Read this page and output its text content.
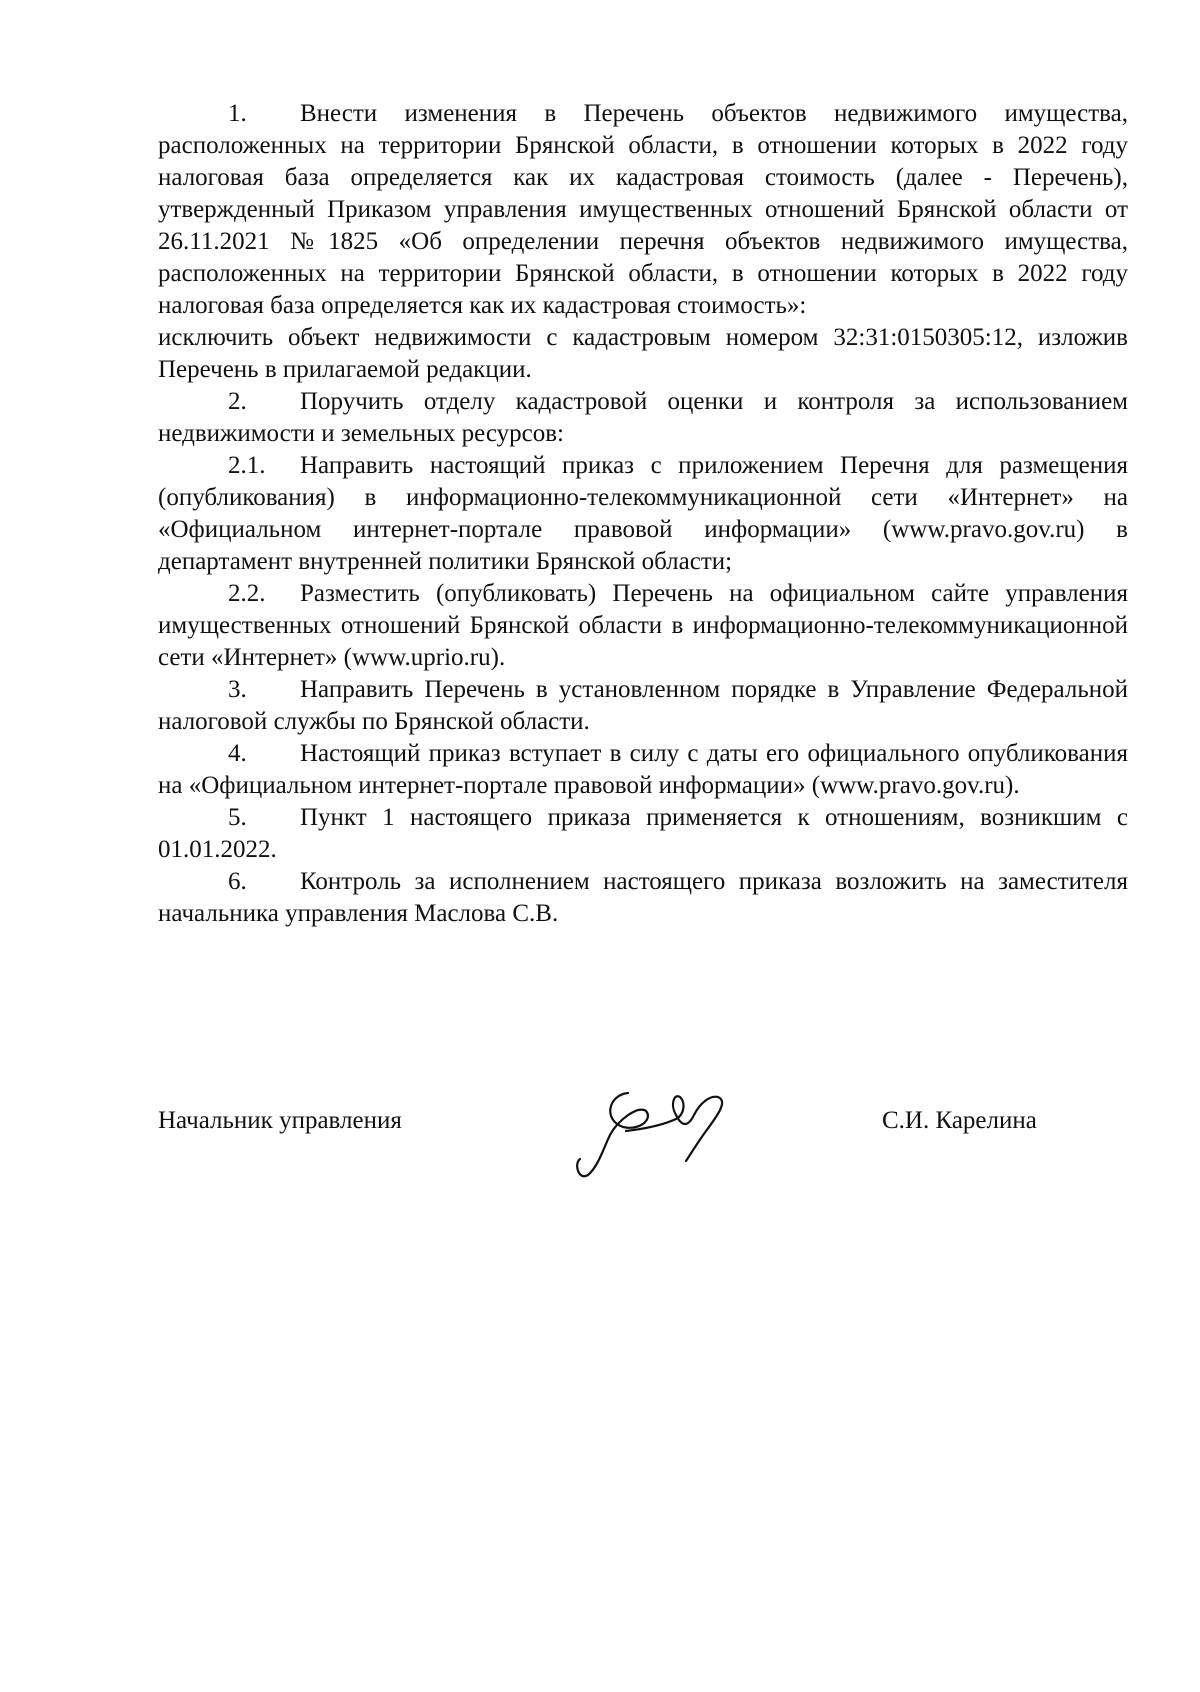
1. Внести изменения в Перечень объектов недвижимого имущества, расположенных на территории Брянской области, в отношении которых в 2022 году налоговая база определяется как их кадастровая стоимость (далее - Перечень), утвержденный Приказом управления имущественных отношений Брянской области от 26.11.2021 №1825 «Об определении перечня объектов недвижимого имущества, расположенных на территории Брянской области, в отношении которых в 2022 году налоговая база определяется как их кадастровая стоимость»:

исключить объект недвижимости с кадастровым номером 32:31:0150305:12, изложив Перечень в прилагаемой редакции.

2. Поручить отделу кадастровой оценки и контроля за использованием недвижимости и земельных ресурсов:

2.1. Направить настоящий приказ с приложением Перечня для размещения (опубликования) в информационно-телекоммуникационной сети «Интернет» на «Официальном интернет-портале правовой информации» (www.pravo.gov.ru) в департамент внутренней политики Брянской области;

2.2. Разместить (опубликовать) Перечень на официальном сайте управления имущественных отношений Брянской области в информационно-телекоммуникационной сети «Интернет» (www.uprio.ru).

3. Направить Перечень в установленном порядке в Управление Федеральной налоговой службы по Брянской области.

4. Настоящий приказ вступает в силу с даты его официального опубликования на «Официальном интернет-портале правовой информации» (www.pravo.gov.ru).

5. Пункт 1 настоящего приказа применяется к отношениям, возникшим с 01.01.2022.

6. Контроль за исполнением настоящего приказа возложить на заместителя начальника управления Маслова С.В.

Начальник управления	С.И. Карелина
